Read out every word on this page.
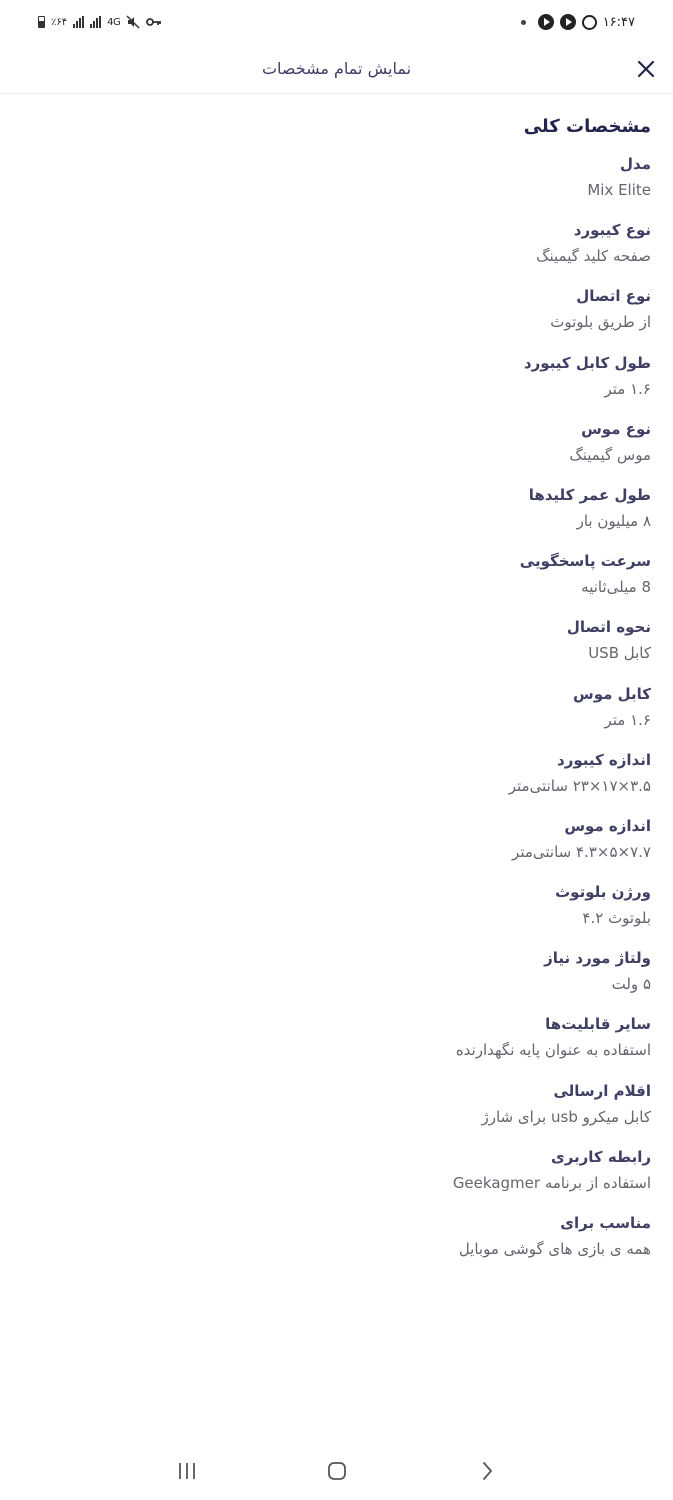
٪۶۴	4G	۱۶:۴۷
نمایش تمام مشخصات
مشخصات کلی
مدل
Mix Elite
نوع کیبورد
صفحه کلید گیمینگ
نوع اتصال
از طریق بلوتوث
طول کابل کیبورد
۱.۶ متر
نوع موس
موس گیمینگ
طول عمر کلیدها
۸ میلیون بار
سرعت پاسخگویی
8 میلی‌ثانیه
نحوه اتصال
کابل USB
کابل موس
۱.۶ متر
اندازه کیبورد
۳.۵×۱۷×۲۳ سانتی‌متر
اندازه موس
۷.۷×۵×۴.۳ سانتی‌متر
ورژن بلوتوث
بلوتوث ۴.۲
ولتاژ مورد نیاز
۵ ولت
سایر قابلیت‌ها
استفاده به عنوان پایه نگهدارنده
اقلام ارسالی
کابل میکرو usb برای شارژ
رابطه کاربری
استفاده از برنامه Geekagmer
مناسب برای
همه ی بازی های گوشی موبایل
